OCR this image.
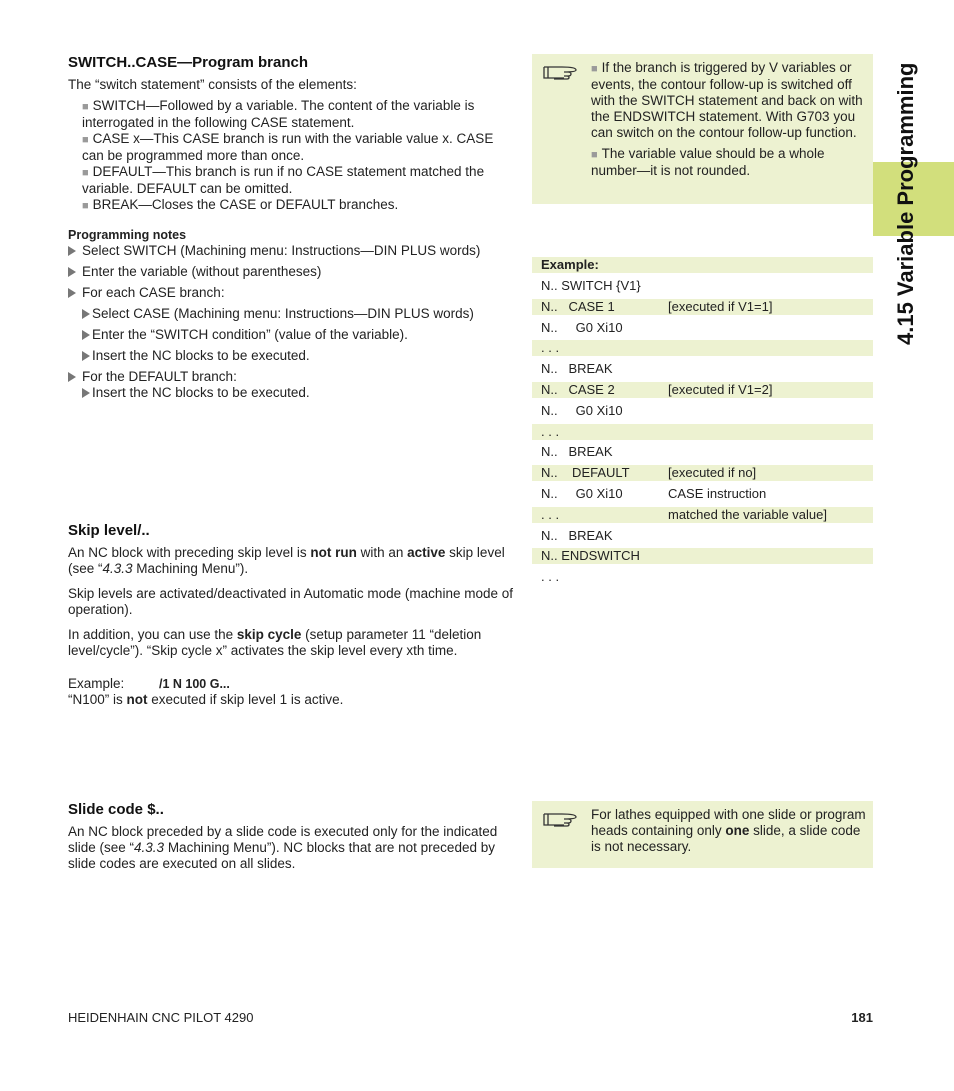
4.15 Variable Programming
SWITCH..CASE—Program branch

The “switch statement” consists of the elements:

■ SWITCH—Followed by a variable. The content of the variable is interrogated in the following CASE statement.

■ CASE x—This CASE branch is run with the variable value x. CASE can be programmed more than once.

■ DEFAULT—This branch is run if no CASE statement matched the variable. DEFAULT can be omitted.

■ BREAK—Closes the CASE or DEFAULT branches.

Programming notes

Select SWITCH (Machining menu: Instructions—DIN PLUS words)
Enter the variable (without parentheses)
For each CASE branch:
Select CASE (Machining menu: Instructions—DIN PLUS words)
Enter the “SWITCH condition” (value of the variable).
Insert the NC blocks to be executed.
For the DEFAULT branch:
Insert the NC blocks to be executed.

■ If the branch is triggered by V variables or events, the contour follow-up is switched off with the SWITCH statement and back on with the ENDSWITCH statement. With G703 you can switch on the contour follow-up function.

■ The variable value should be a whole number—it is not rounded.

Example:
N.. SWITCH {V1}
N..   CASE 1	[executed if V1=1]
N..     G0 Xi10
. . .
N..   BREAK
N..   CASE 2	[executed if V1=2]
N..     G0 Xi10
. . .
N..   BREAK
N..    DEFAULT	[executed if no]
N..     G0 Xi10	CASE instruction
. . .	matched the variable value]
N..   BREAK
N.. ENDSWITCH
. . .
Skip level/..

An NC block with preceding skip level is not run with an active skip level (see “4.3.3 Machining Menu”).

Skip levels are activated/deactivated in Automatic mode (machine mode of operation).

In addition, you can use the skip cycle (setup parameter 11 “deletion level/cycle”). “Skip cycle x” activates the skip level every xth time.

Example:	/1 N 100 G...

“N100” is not executed if skip level 1 is active.

Slide code $..

An NC block preceded by a slide code is executed only for the indicated slide (see “4.3.3 Machining Menu”). NC blocks that are not preceded by slide codes are executed on all slides.

For lathes equipped with one slide or program heads containing only one slide, a slide code is not necessary.

HEIDENHAIN CNC PILOT 4290	181
